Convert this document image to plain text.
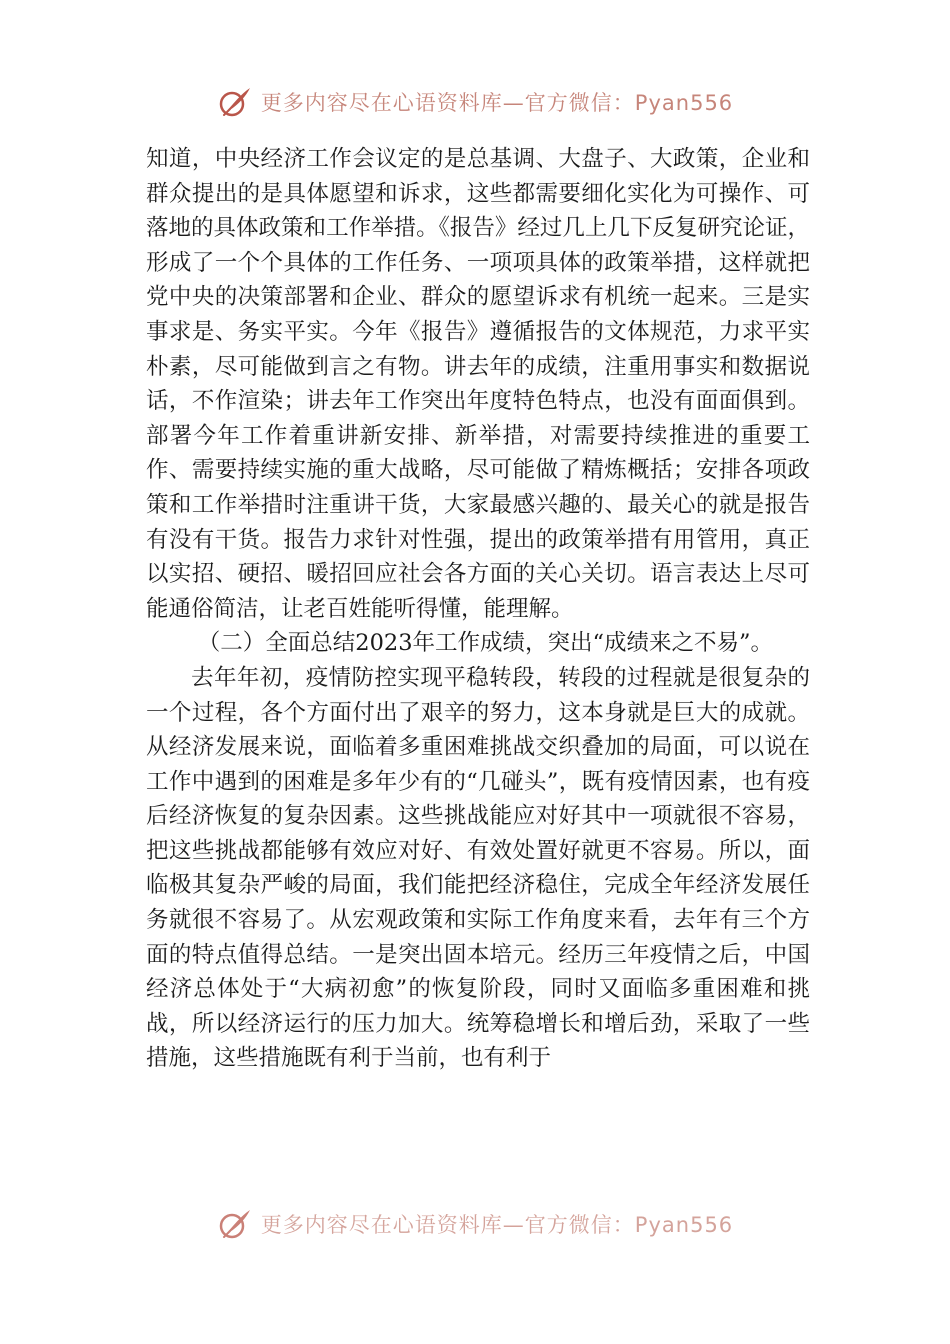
更多内容尽在心语资料库—官方微信：Pyan556

知道，中央经济工作会议定的是总基调、大盘子、大政策，企业和群众提出的是具体愿望和诉求，这些都需要细化实化为可操作、可落地的具体政策和工作举措。《报告》经过几上几下反复研究论证，形成了一个个具体的工作任务、一项项具体的政策举措，这样就把党中央的决策部署和企业、群众的愿望诉求有机统一起来。三是实事求是、务实平实。今年《报告》遵循报告的文体规范，力求平实朴素，尽可能做到言之有物。讲去年的成绩，注重用事实和数据说话，不作渲染；讲去年工作突出年度特色特点，也没有面面俱到。部署今年工作着重讲新安排、新举措，对需要持续推进的重要工作、需要持续实施的重大战略，尽可能做了精炼概括；安排各项政策和工作举措时注重讲干货，大家最感兴趣的、最关心的就是报告有没有干货。报告力求针对性强，提出的政策举措有用管用，真正以实招、硬招、暖招回应社会各方面的关心关切。语言表达上尽可能通俗简洁，让老百姓能听得懂，能理解。

（二）全面总结2023年工作成绩，突出“成绩来之不易”。

去年年初，疫情防控实现平稳转段，转段的过程就是很复杂的一个过程，各个方面付出了艰辛的努力，这本身就是巨大的成就。从经济发展来说，面临着多重困难挑战交织叠加的局面，可以说在工作中遇到的困难是多年少有的“几碰头”，既有疫情因素，也有疫后经济恢复的复杂因素。这些挑战能应对好其中一项就很不容易，把这些挑战都能够有效应对好、有效处置好就更不容易。所以，面临极其复杂严峻的局面，我们能把经济稳住，完成全年经济发展任务就很不容易了。从宏观政策和实际工作角度来看，去年有三个方面的特点值得总结。一是突出固本培元。经历三年疫情之后，中国经济总体处于“大病初愈”的恢复阶段，同时又面临多重困难和挑战，所以经济运行的压力加大。统筹稳增长和增后劲，采取了一些措施，这些措施既有利于当前，也有利于

更多内容尽在心语资料库—官方微信：Pyan556
